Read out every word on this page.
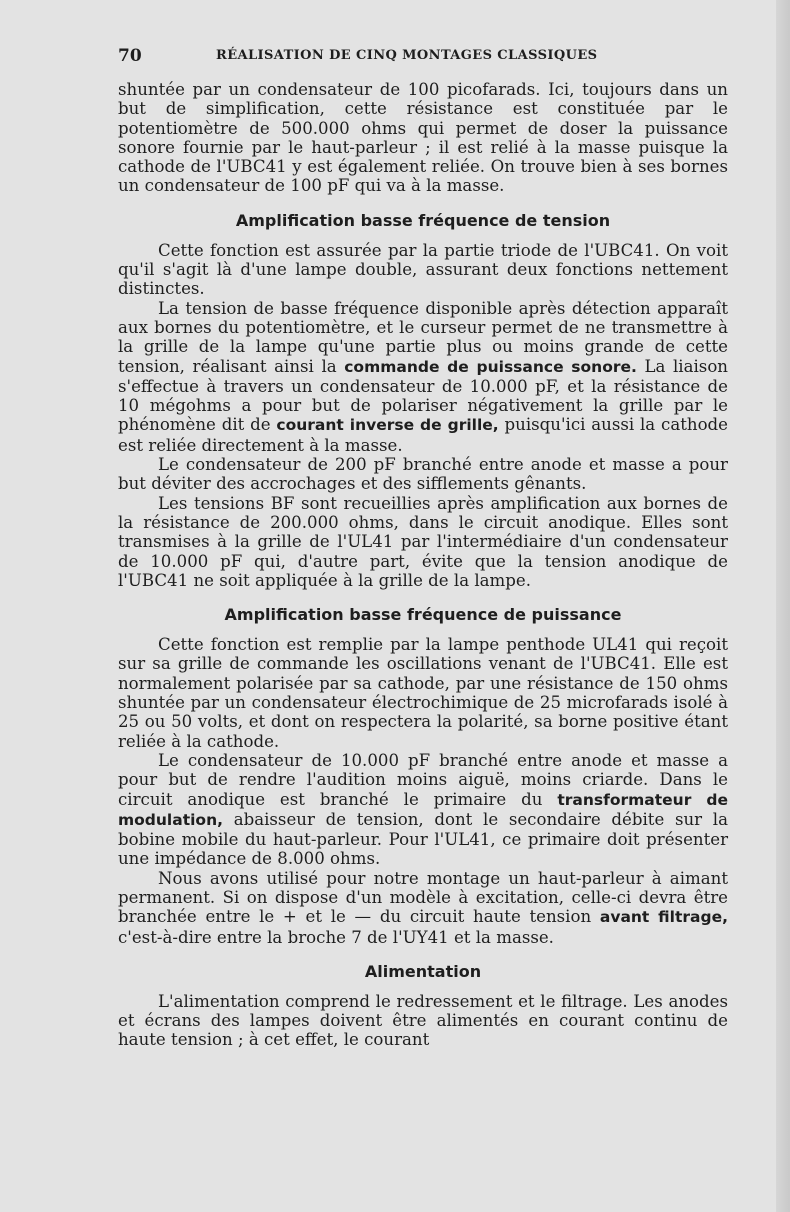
70	RÉALISATION DE CINQ MONTAGES CLASSIQUES

shuntée par un condensateur de 100 picofarads. Ici, toujours dans un but de simplification, cette résistance est constituée par le potentiomètre de 500.000 ohms qui permet de doser la puissance sonore fournie par le haut-parleur ; il est relié à la masse puisque la cathode de l'UBC41 y est également reliée. On trouve bien à ses bornes un condensateur de 100 pF qui va à la masse.

Amplification basse fréquence de tension

Cette fonction est assurée par la partie triode de l'UBC41. On voit qu'il s'agit là d'une lampe double, assurant deux fonctions nettement distinctes.

La tension de basse fréquence disponible après détection apparaît aux bornes du potentiomètre, et le curseur permet de ne transmettre à la grille de la lampe qu'une partie plus ou moins grande de cette tension, réalisant ainsi la commande de puissance sonore. La liaison s'effectue à travers un condensateur de 10.000 pF, et la résistance de 10 mégohms a pour but de polariser négativement la grille par le phénomène dit de courant inverse de grille, puisqu'ici aussi la cathode est reliée directement à la masse.

Le condensateur de 200 pF branché entre anode et masse a pour but déviter des accrochages et des sifflements gênants.

Les tensions BF sont recueillies après amplification aux bornes de la résistance de 200.000 ohms, dans le circuit anodique. Elles sont transmises à la grille de l'UL41 par l'intermédiaire d'un condensateur de 10.000 pF qui, d'autre part, évite que la tension anodique de l'UBC41 ne soit appliquée à la grille de la lampe.

Amplification basse fréquence de puissance

Cette fonction est remplie par la lampe penthode UL41 qui reçoit sur sa grille de commande les oscillations venant de l'UBC41. Elle est normalement polarisée par sa cathode, par une résistance de 150 ohms shuntée par un condensateur électrochimique de 25 microfarads isolé à 25 ou 50 volts, et dont on respectera la polarité, sa borne positive étant reliée à la cathode.

Le condensateur de 10.000 pF branché entre anode et masse a pour but de rendre l'audition moins aiguë, moins criarde. Dans le circuit anodique est branché le primaire du transformateur de modulation, abaisseur de tension, dont le secondaire débite sur la bobine mobile du haut-parleur. Pour l'UL41, ce primaire doit présenter une impédance de 8.000 ohms.

Nous avons utilisé pour notre montage un haut-parleur à aimant permanent. Si on dispose d'un modèle à excitation, celle-ci devra être branchée entre le + et le — du circuit haute tension avant filtrage, c'est-à-dire entre la broche 7 de l'UY41 et la masse.

Alimentation

L'alimentation comprend le redressement et le filtrage. Les anodes et écrans des lampes doivent être alimentés en courant continu de haute tension ; à cet effet, le courant
